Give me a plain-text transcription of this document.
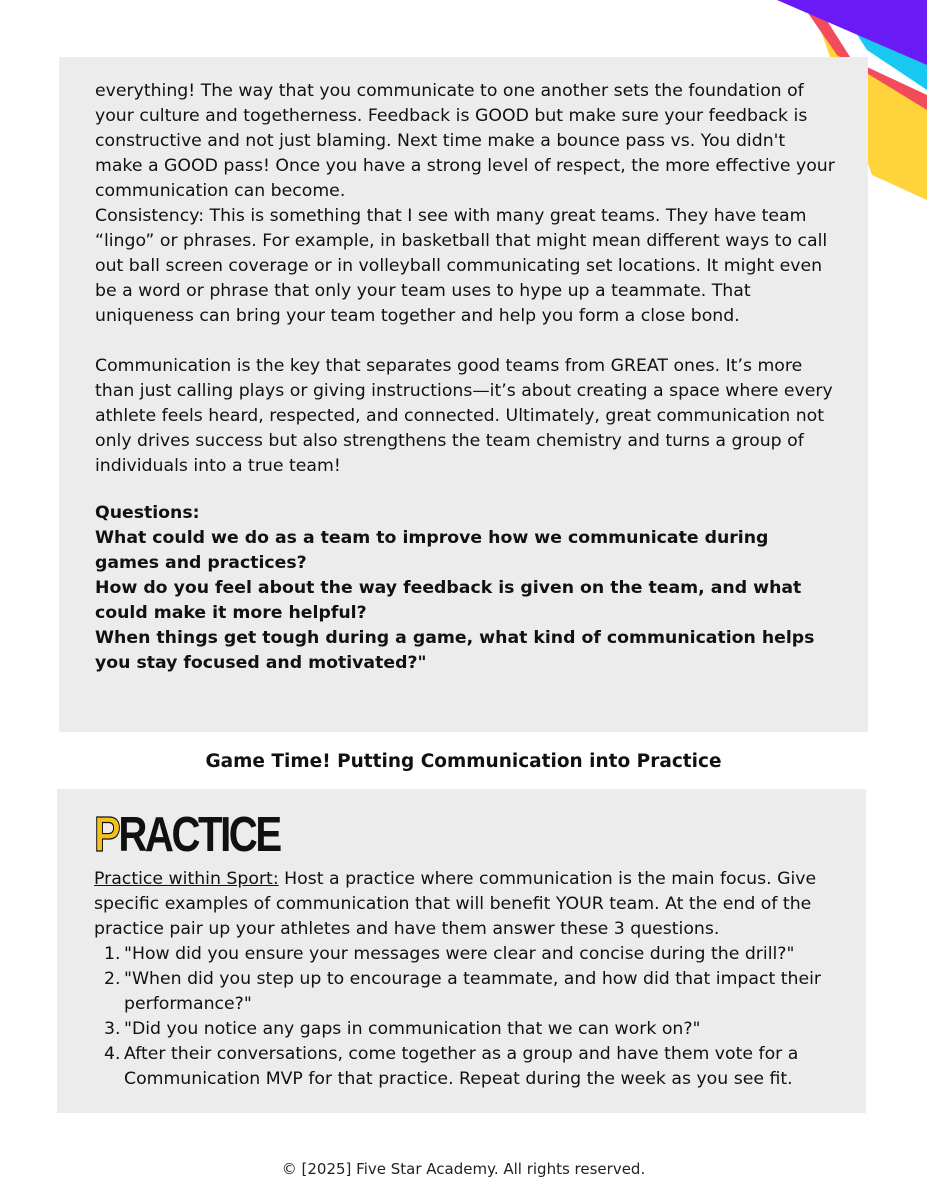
everything! The way that you communicate to one another sets the foundation of your culture and togetherness. Feedback is GOOD but make sure your feedback is constructive and not just blaming. Next time make a bounce pass vs. You didn't make a GOOD pass! Once you have a strong level of respect, the more effective your communication can become.

Consistency: This is something that I see with many great teams. They have team “lingo” or phrases. For example, in basketball that might mean different ways to call out ball screen coverage or in volleyball communicating set locations. It might even be a word or phrase that only your team uses to hype up a teammate. That uniqueness can bring your team together and help you form a close bond.

Communication is the key that separates good teams from GREAT ones. It’s more than just calling plays or giving instructions—it’s about creating a space where every athlete feels heard, respected, and connected. Ultimately, great communication not only drives success but also strengthens the team chemistry and turns a group of individuals into a true team!

Questions:

What could we do as a team to improve how we communicate during games and practices?

How do you feel about the way feedback is given on the team, and what could make it more helpful?

When things get tough during a game, what kind of communication helps you stay focused and motivated?"

Game Time! Putting Communication into Practice
PRACTICE

Practice within Sport: Host a practice where communication is the main focus. Give specific examples of communication that will benefit YOUR team. At the end of the practice pair up your athletes and have them answer these 3 questions.

"How did you ensure your messages were clear and concise during the drill?"
"When did you step up to encourage a teammate, and how did that impact their performance?"
"Did you notice any gaps in communication that we can work on?"
After their conversations, come together as a group and have them vote for a Communication MVP for that practice. Repeat during the week as you see fit.
© [2025] Five Star Academy. All rights reserved.
